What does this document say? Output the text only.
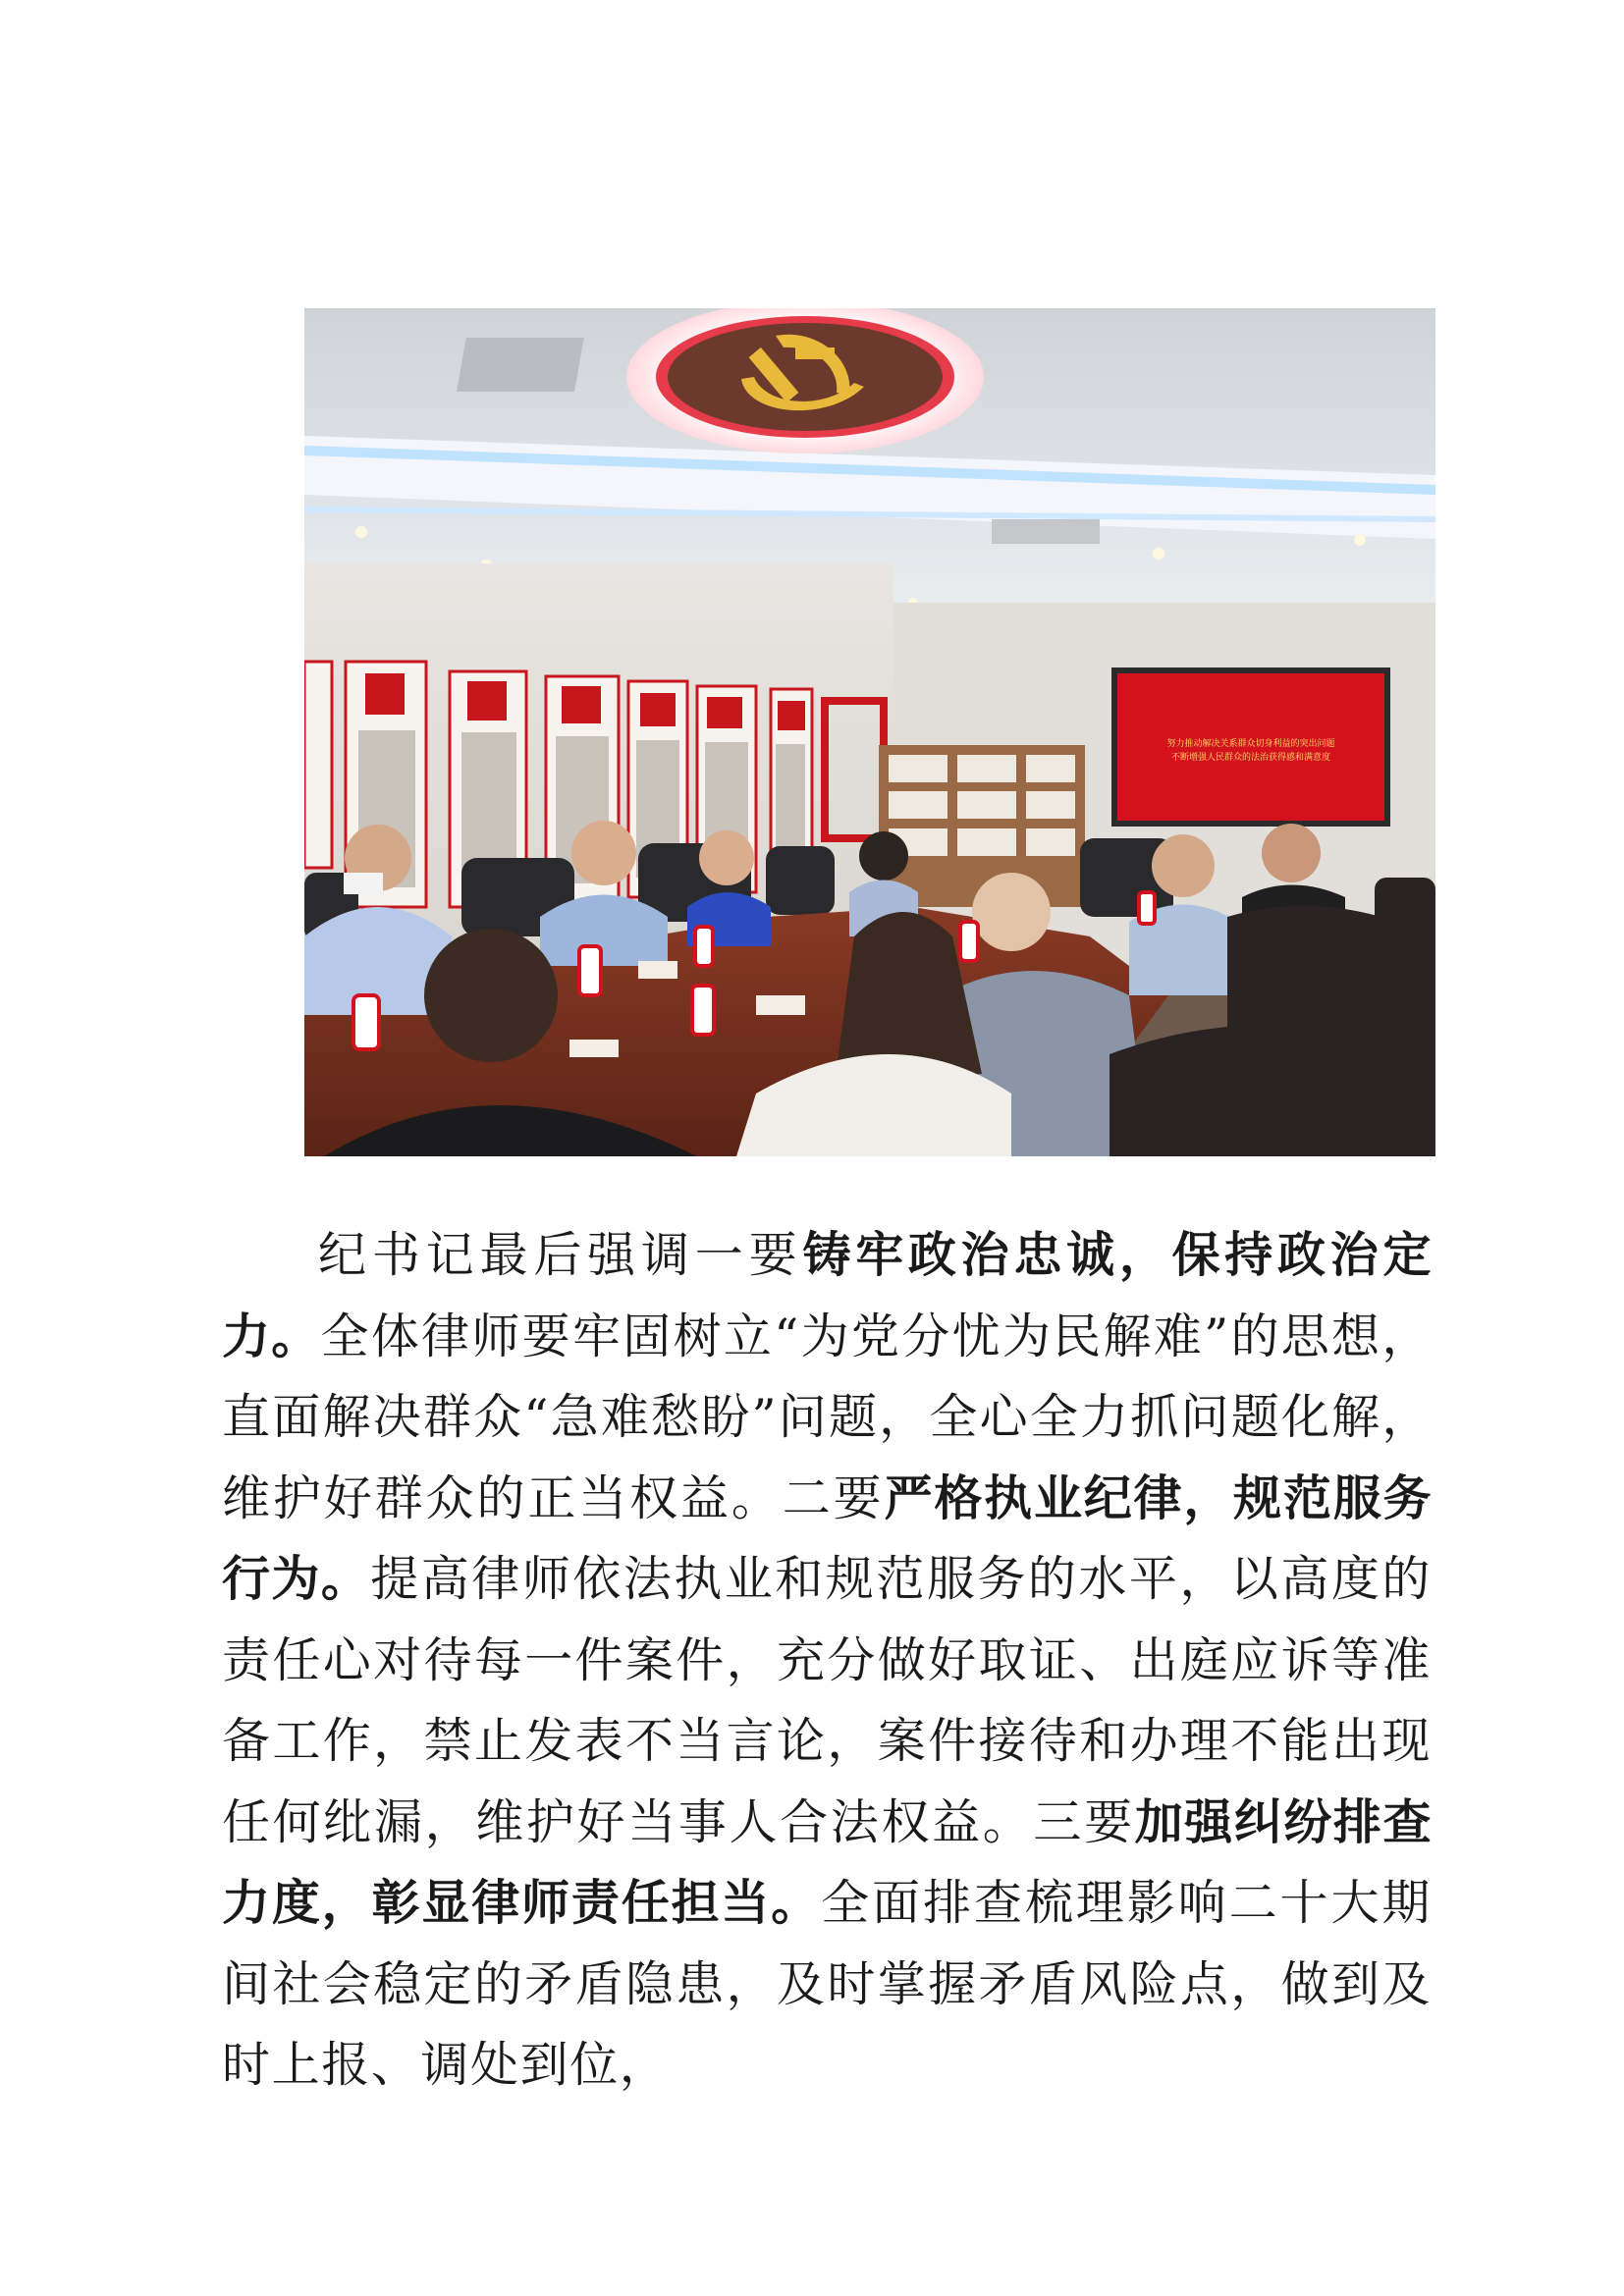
努力推动解决关系群众切身利益的突出问题
不断增强人民群众的法治获得感和满意度

纪书记最后强调一要铸牢政治忠诚，保持政治定力。全体律师要牢固树立“为党分忧为民解难”的思想，直面解决群众“急难愁盼”问题，全心全力抓问题化解，维护好群众的正当权益。二要严格执业纪律，规范服务行为。提高律师依法执业和规范服务的水平，以高度的责任心对待每一件案件，充分做好取证、出庭应诉等准备工作，禁止发表不当言论，案件接待和办理不能出现任何纰漏，维护好当事人合法权益。三要加强纠纷排查力度，彰显律师责任担当。全面排查梳理影响二十大期间社会稳定的矛盾隐患，及时掌握矛盾风险点，做到及时上报、调处到位，
